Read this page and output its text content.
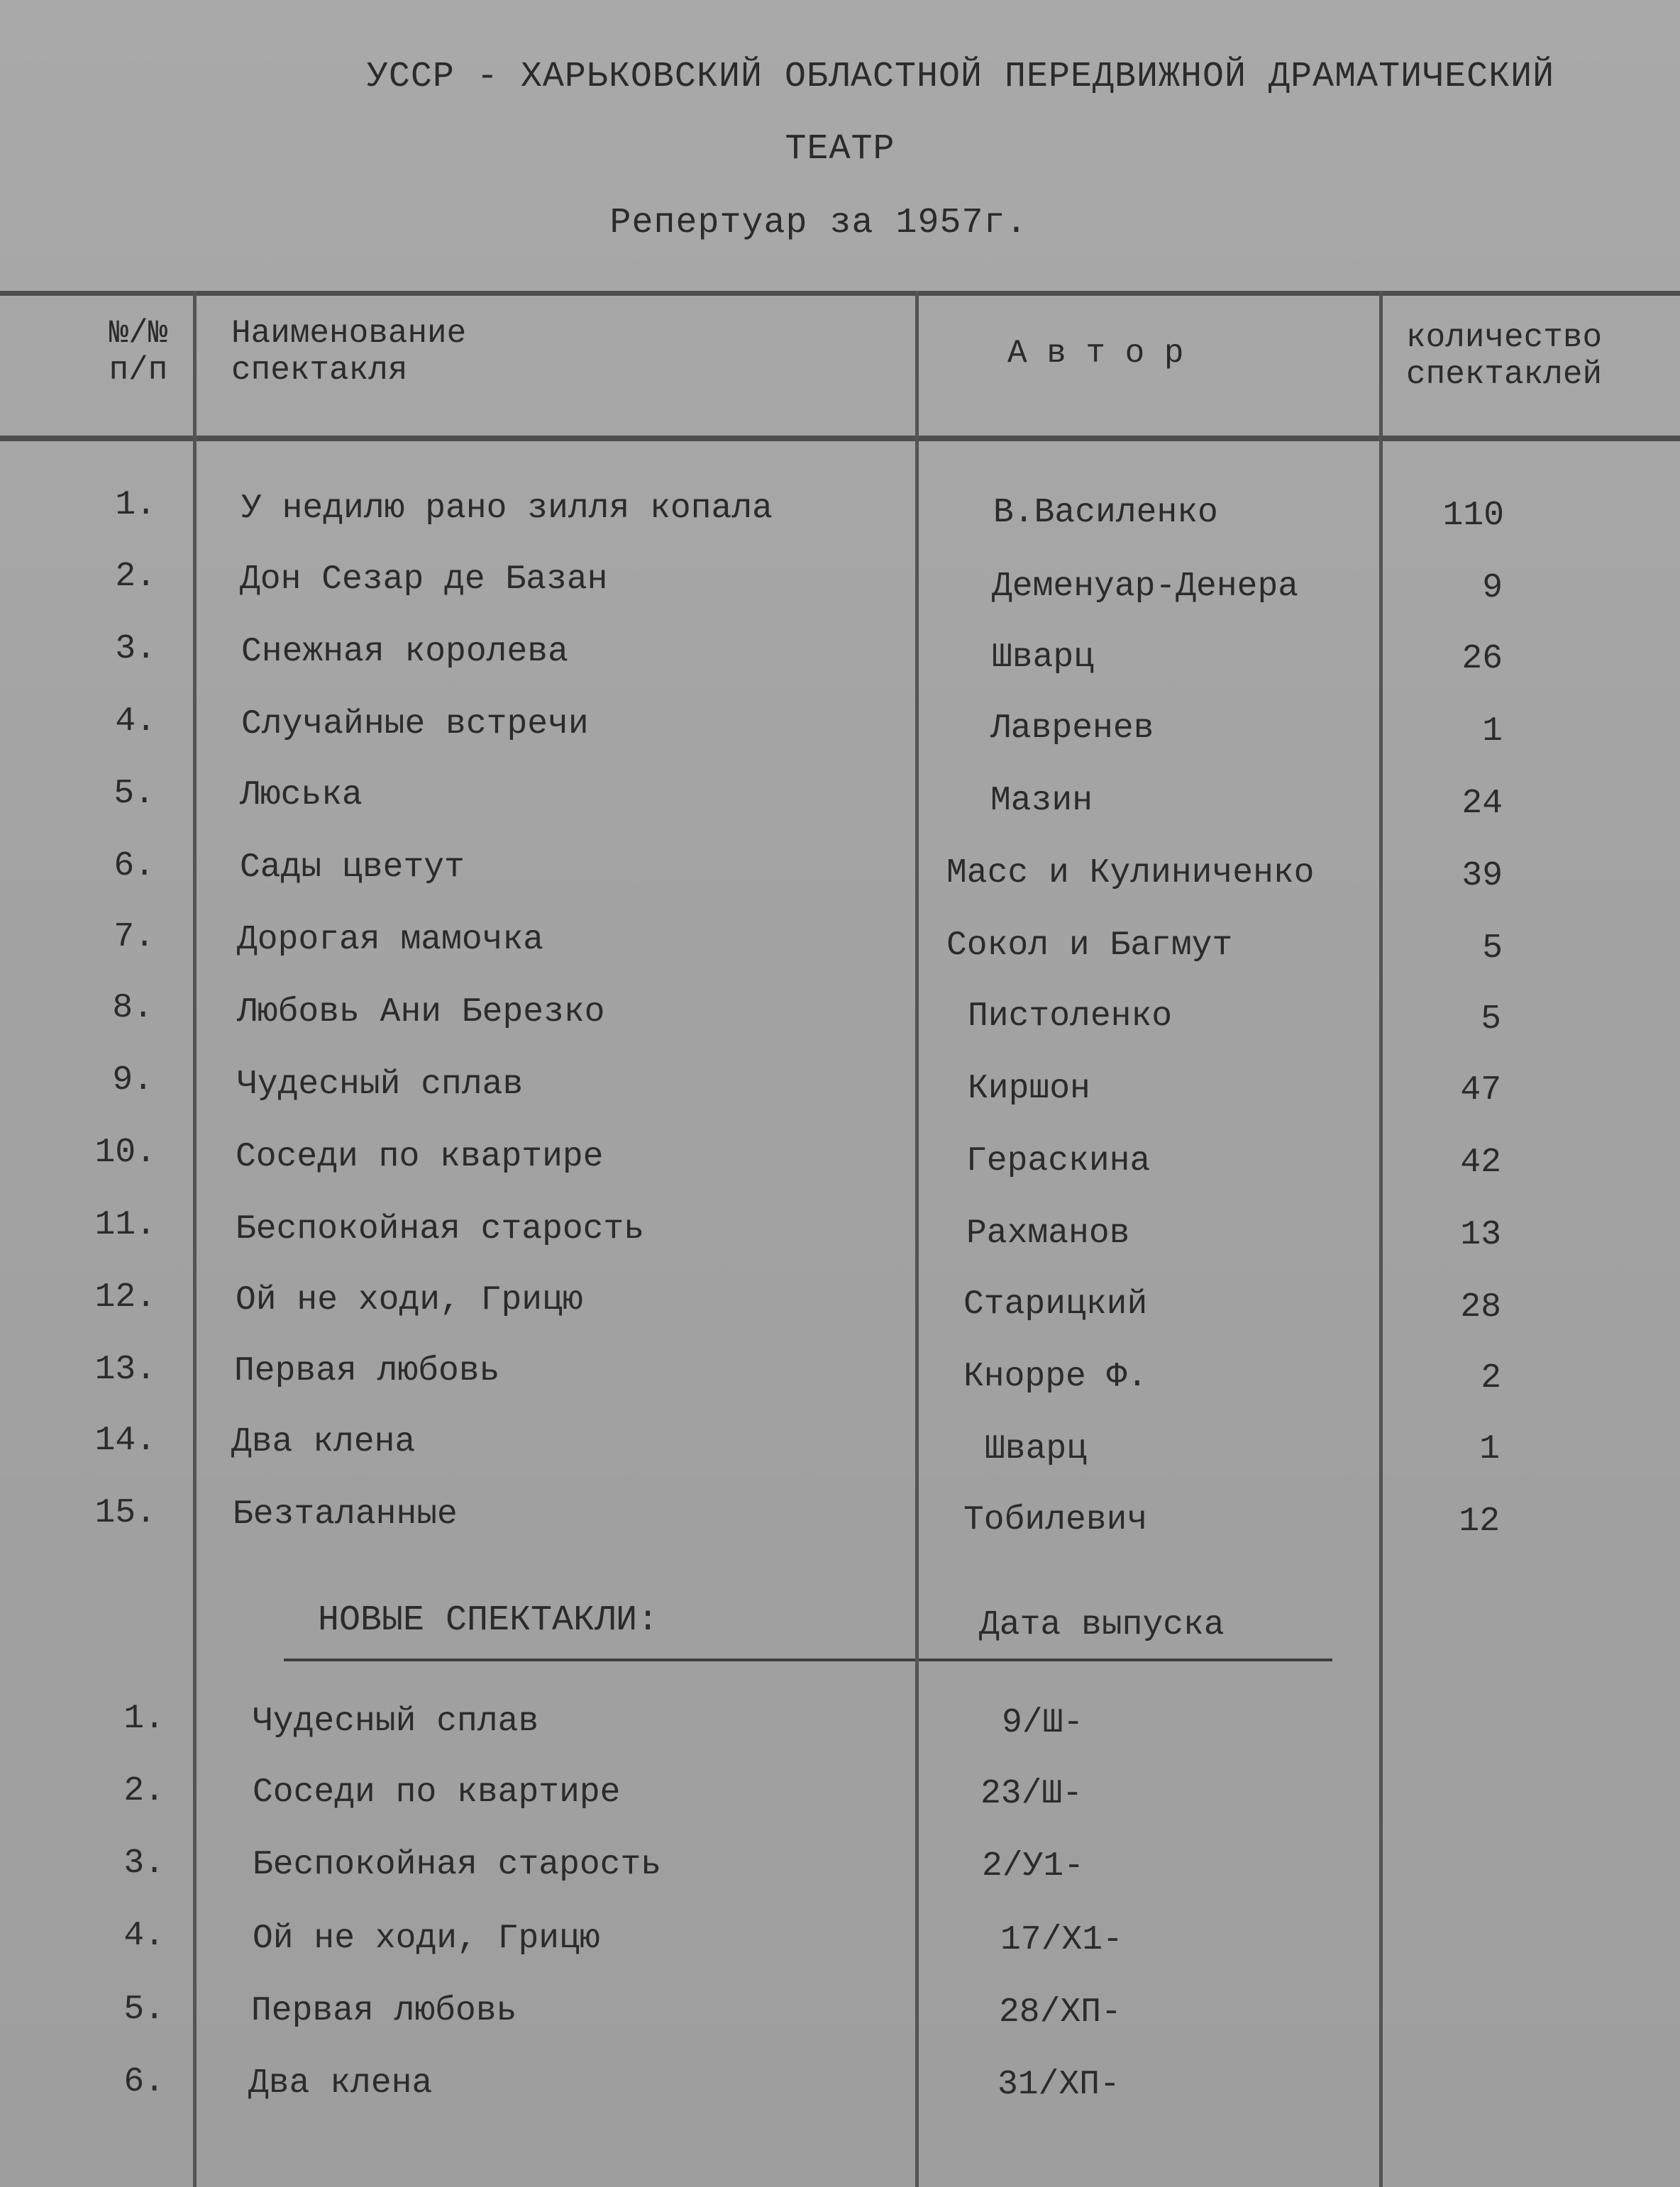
УССР - ХАРЬКОВСКИЙ ОБЛАСТНОЙ ПЕРЕДВИЖНОЙ ДРАМАТИЧЕСКИЙ
ТЕАТР
Репертуар за 1957г.
№/№
п/п
Наименование
спектакля	А в т о р	количество
спектаклей
1.	У недилю рано зилля копала	В.Василенко	110
2. Дон Сезар де Базан	Деменуар-Денера	9
3.	Снежная королева	Шварц	26
4.	Случайные встречи	Лавренев	1
5.	Люська	Мазин	24
6.	Сады цветут	Масс и Кулиниченко	39
7. Дорогая мамочка	Сокол и Багмут	5
8. Любовь Ани Березко	Пистоленко	5
9. Чудесный сплав	Киршон	47
10. Соседи по квартире	Гераскина	42
11. Беспокойная старость	Рахманов	13
12. Ой не ходи, Грицю	Старицкий	28
13. Первая любовь	Кнорре Ф.	2
14. Два клена	Шварц	1
15. Безталанные	Тобилевич	12
НОВЫЕ СПЕКТАКЛИ:	Дата выпуска
1.	Чудесный сплав	9/Ш-
2.	Соседи по квартире	23/Ш-
3.	Беспокойная старость	2/У1-
4.	Ой не ходи, Грицю	17/Х1-
5.	Первая любовь	28/ХП-
6. Два клена	31/ХП-
